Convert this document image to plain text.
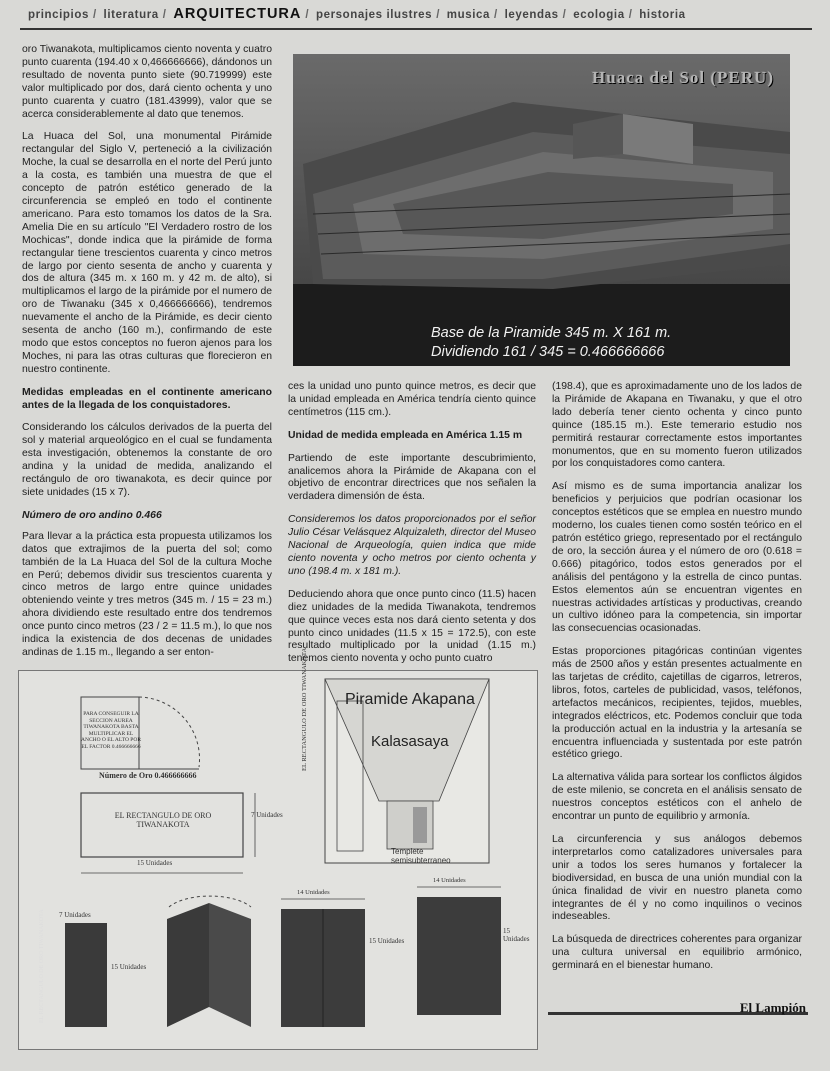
principios / literatura / ARQUITECTURA / personajes ilustres / musica / leyendas / ecologia / historia

oro Tiwanakota, multiplicamos ciento noventa y cuatro punto cuarenta (194.40 x 0,466666666), dándonos un resultado de noventa punto siete (90.719999) este valor multiplicado por dos, dará ciento ochenta y uno punto cuarenta y cuatro (181.43999), valor que se acerca considerablemente al dato que tenemos.

La Huaca del Sol, una monumental Pirámide rectangular del Siglo V, perteneció a la civilización Moche, la cual se desarrolla en el norte del Perú junto a la costa, es también una muestra de que el concepto de patrón estético generado de la circunferencia se empleó en todo el continente americano. Para esto tomamos los datos de la Sra. Amelia Die en su artículo "El Verdadero rostro de los Mochicas", donde indica que la pirámide de forma rectangular tiene trescientos cuarenta y cinco metros de largo por ciento sesenta de ancho y cuarenta y dos de altura (345 m. x 160 m. y 42 m. de alto), si multiplicamos el largo de la pirámide por el numero de oro de Tiwanaku (345 x 0,466666666), tendremos nuevamente el ancho de la Pirámide, es decir ciento sesenta de ancho (160 m.), confirmando de este modo que estos conceptos no fueron ajenos para los Moches, ni para las otras culturas que florecieron en nuestro continente.

Medidas empleadas en el continente americano antes de la llegada de los conquistadores.

Considerando los cálculos derivados de la puerta del sol y material arqueológico en el cual se fundamenta esta investigación, obtenemos la constante de oro andina y la unidad de medida, analizando el rectángulo de oro tiwanakota, es decir quince por siete unidades (15 x 7).

Número de oro andino 0.466

Para llevar a la práctica esta propuesta utilizamos los datos que extrajimos de la puerta del sol; como también de la La Huaca del Sol de la cultura Moche en Perú; debemos dividir sus trescientos cuarenta y cinco metros de largo entre quince unidades obteniendo veinte y tres metros (345 m. / 15 = 23 m.) ahora dividiendo este resultado entre dos tendremos once punto cinco metros (23 / 2 = 11.5 m.), lo que nos indica la existencia de dos decenas de unidades andinas de 1.15 m., llegando a ser enton-

Huaca del Sol (PERU)
Base de la Piramide 345 m. X 161 m.
Dividiendo 161 / 345 = 0.466666666

ces la unidad uno punto quince metros, es decir que la unidad empleada en América tendría ciento quince centímetros (115 cm.).

Unidad de medida empleada en América 1.15 m

Partiendo de este importante descubrimiento, analicemos ahora la Pirámide de Akapana con el objetivo de encontrar directrices que nos señalen la verdadera dimensión de ésta.

Consideremos los datos proporcionados por el señor Julio César Velásquez Alquizaleth, director del Museo Nacional de Arqueología, quien indica que mide ciento noventa y ocho metros por ciento ochenta y uno (198.4 m. x 181 m.).

Deduciendo ahora que once punto cinco (11.5) hacen diez unidades de la medida Tiwanakota, tendremos que quince veces esta nos dará ciento setenta y dos punto cinco unidades (11.5 x 15 = 172.5), con este resultado multiplicado por la unidad (1.15 m.) tenemos ciento noventa y ocho punto cuatro

(198.4), que es aproximadamente uno de los lados de la Pirámide de Akapana en Tiwanaku, y que el otro lado debería tener ciento ochenta y cinco punto quince (185.15 m.). Este temerario estudio nos permitirá restaurar correctamente estos importantes monumentos, que en su momento fueron utilizados por los conquistadores como cantera.

Así mismo es de suma importancia analizar los beneficios y perjuicios que podrían ocasionar los conceptos estéticos que se emplea en nuestro mundo moderno, los cuales tienen como sostén teórico en el patrón estético griego, representado por el rectángulo de oro, la sección áurea y el número de oro (0.618 = 0.666) pitagórico, todos estos generados por el análisis del pentágono y la estrella de cinco puntas. Estos elementos aún se encuentran vigentes en nuestras actividades artísticas y productivas, creando un cultivo idóneo para la competencia, sin importar las consecuencias ocasionadas.

Estas proporciones pitagóricas continúan vigentes más de 2500 años y están presentes actualmente en las tarjetas de crédito, cajetillas de cigarros, letreros, libros, fotos, carteles de publicidad, vasos, teléfonos, artefactos mecánicos, recipientes, tejidos, muebles, integrados eléctricos, etc. Podemos concluir que toda la producción actual en la industria y la artesanía se encuentra influenciada y sustentada por este patrón estético griego.

La alternativa válida para sortear los conflictos álgidos de este milenio, se concreta en el análisis sensato de nuestros conceptos estéticos con el anhelo de encontrar un punto de equilibrio y armonía.

La circunferencia y sus análogos debemos interpretarlos como catalizadores universales para unir a todos los seres humanos y fortalecer la biodiversidad, en busca de una unión mundial con la única finalidad de vivir en nuestro planeta como integrantes de él y no como inquilinos o vecinos indeseables.

La búsqueda de directrices coherentes para organizar una cultura universal en equilibrio armónico, germinará en el bienestar humano.

PARA CONSEGUIR LA SECCION AUREA TIWANAKOTA BASTA MULTIPLICAR EL ANCHO O EL ALTO POR EL FACTOR 0.466666666
Número de Oro 0.466666666
EL RECTANGULO DE ORO TIWANAKOTA
7 Unidades
15 Unidades
Piramide Akapana
Kalasasaya
EL RECTANGULO DE ORO TIWANAKOTA
Templete semisubterraneo
7 Unidades
15 Unidades
14 Unidades
15 Unidades
14 Unidades
15 Unidades
EL RECTANGULO DE ORO TIWANAKOTA	El Lampión
